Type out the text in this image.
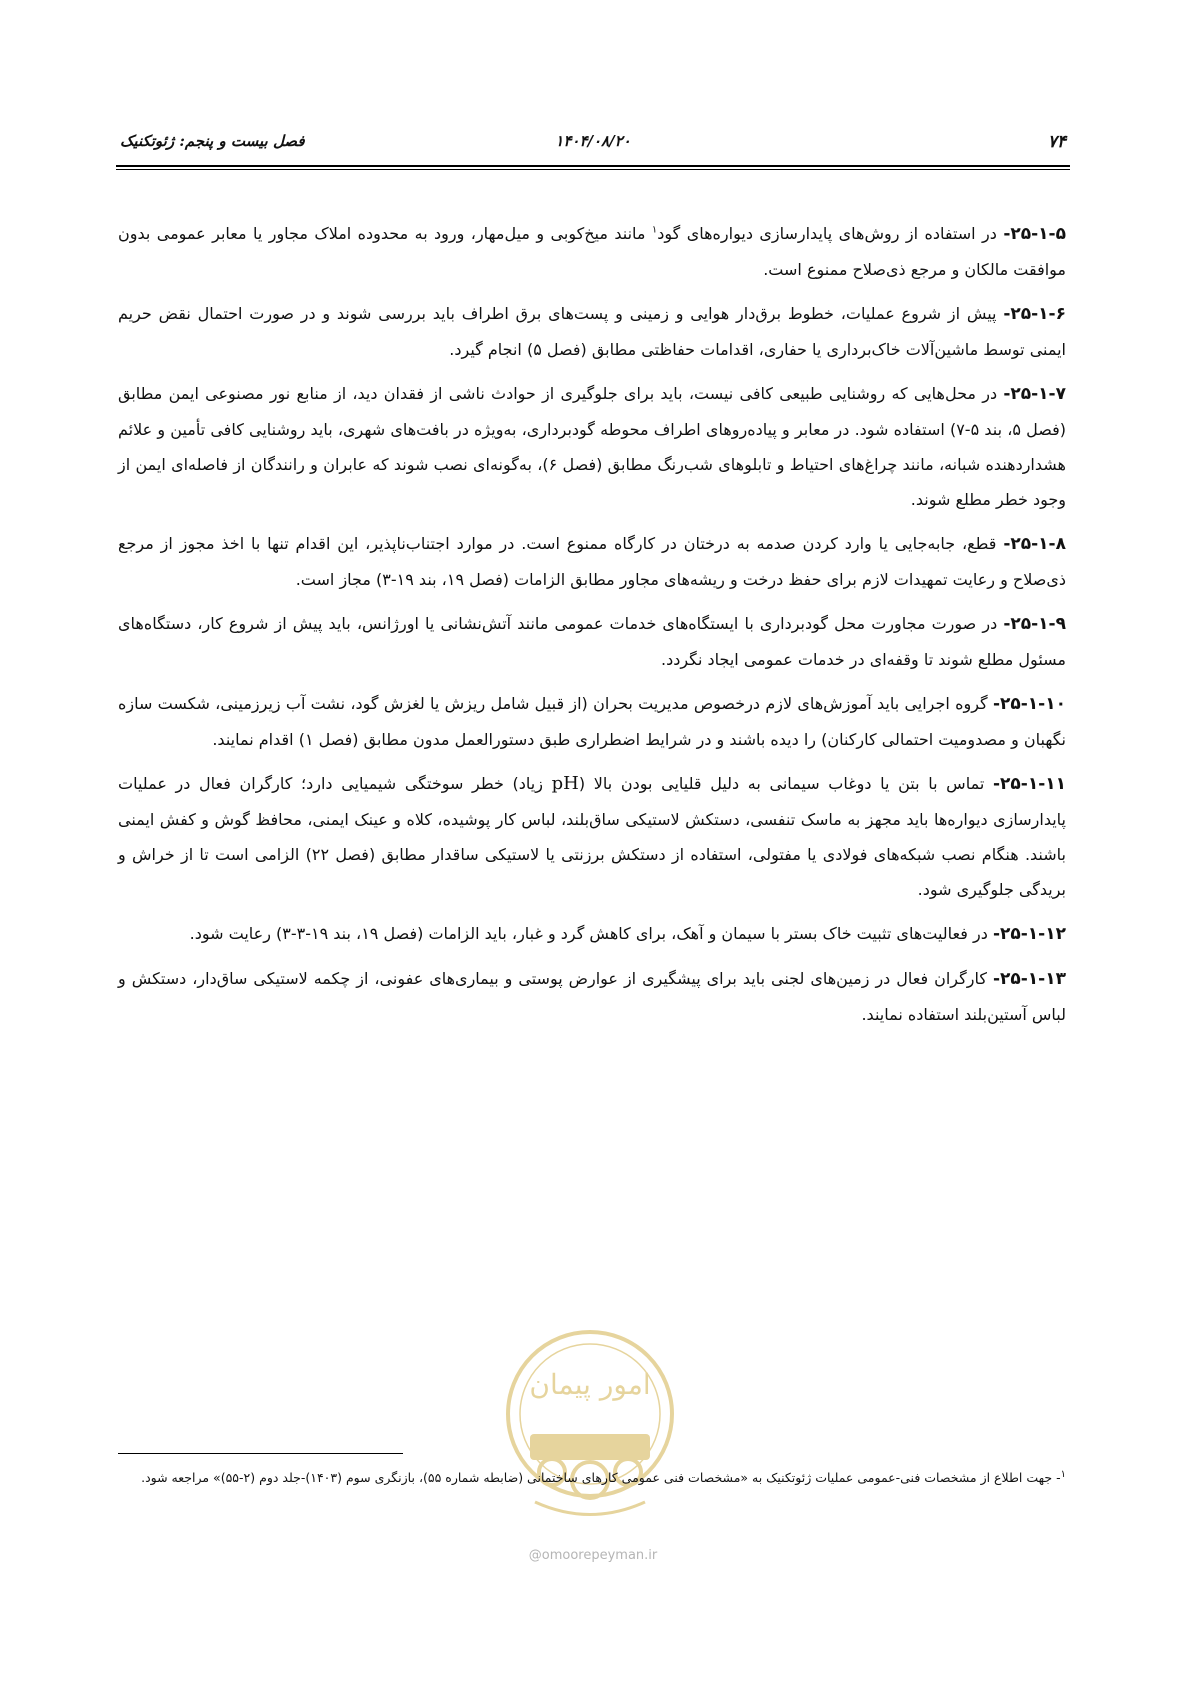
۷۴
۱۴۰۴/۰۸/۲۰
فصل بیست و پنجم: ژئوتکنیک

۲۵-۱-۵- در استفاده از روش‌های پایدارسازی دیواره‌های گود$^۱$ مانند میخ‌کوبی و میل‌مهار، ورود به محدوده املاک مجاور یا معابر عمومی بدون موافقت مالکان و مرجع ذی‌صلاح ممنوع است.

۲۵-۱-۶- پیش از شروع عملیات، خطوط برق‌دار هوایی و زمینی و پست‌های برق اطراف باید بررسی شوند و در صورت احتمال نقض حریم ایمنی توسط ماشین‌آلات خاک‌برداری یا حفاری، اقدامات حفاظتی مطابق (فصل ۵) انجام گیرد.

۲۵-۱-۷- در محل‌هایی که روشنایی طبیعی کافی نیست، باید برای جلوگیری از حوادث ناشی از فقدان دید، از منابع نور مصنوعی ایمن مطابق (فصل ۵، بند ۵-۷) استفاده شود. در معابر و پیاده‌روهای اطراف محوطه گودبرداری، به‌ویژه در بافت‌های شهری، باید روشنایی کافی تأمین و علائم هشداردهنده شبانه، مانند چراغ‌های احتیاط و تابلوهای شب‌رنگ مطابق (فصل ۶)، به‌گونه‌ای نصب شوند که عابران و رانندگان از فاصله‌ای ایمن از وجود خطر مطلع شوند.

۲۵-۱-۸- قطع، جابه‌جایی یا وارد کردن صدمه به درختان در کارگاه ممنوع است. در موارد اجتناب‌ناپذیر، این اقدام تنها با اخذ مجوز از مرجع ذی‌صلاح و رعایت تمهیدات لازم برای حفظ درخت و ریشه‌های مجاور مطابق الزامات (فصل ۱۹، بند ۱۹-۳) مجاز است.

۲۵-۱-۹- در صورت مجاورت محل گودبرداری با ایستگاه‌های خدمات عمومی مانند آتش‌نشانی یا اورژانس، باید پیش از شروع کار، دستگاه‌های مسئول مطلع شوند تا وقفه‌ای در خدمات عمومی ایجاد نگردد.

۲۵-۱-۱۰- گروه اجرایی باید آموزش‌های لازم درخصوص مدیریت بحران (از قبیل شامل ریزش یا لغزش گود، نشت آب زیرزمینی، شکست سازه نگهبان و مصدومیت احتمالی کارکنان) را دیده باشند و در شرایط اضطراری طبق دستورالعمل مدون مطابق (فصل ۱) اقدام نمایند.

۲۵-۱-۱۱- تماس با بتن یا دوغاب سیمانی به دلیل قلیایی بودن بالا (pH زیاد) خطر سوختگی شیمیایی دارد؛ کارگران فعال در عملیات پایدارسازی دیواره‌ها باید مجهز به ماسک تنفسی، دستکش لاستیکی ساق‌بلند، لباس کار پوشیده، کلاه و عینک ایمنی، محافظ گوش و کفش ایمنی باشند. هنگام نصب شبکه‌های فولادی یا مفتولی، استفاده از دستکش برزنتی یا لاستیکی ساقدار مطابق (فصل ۲۲) الزامی است تا از خراش و بریدگی جلوگیری شود.

۲۵-۱-۱۲- در فعالیت‌های تثبیت خاک بستر با سیمان و آهک، برای کاهش گرد و غبار، باید الزامات (فصل ۱۹، بند ۱۹-۳-۳) رعایت شود.

۲۵-۱-۱۳- کارگران فعال در زمین‌های لجنی باید برای پیشگیری از عوارض پوستی و بیماری‌های عفونی، از چکمه لاستیکی ساق‌دار، دستکش و لباس آستین‌بلند استفاده نمایند.

امور پیمان
@omoorepeyman.ir
$^۱$- جهت اطلاع از مشخصات فنی-عمومی عملیات ژئوتکنیک به «مشخصات فنی عمومی کارهای ساختمانی (ضابطه شماره ۵۵)، بازنگری سوم (۱۴۰۳)-جلد دوم (۲-۵۵)» مراجعه شود.
